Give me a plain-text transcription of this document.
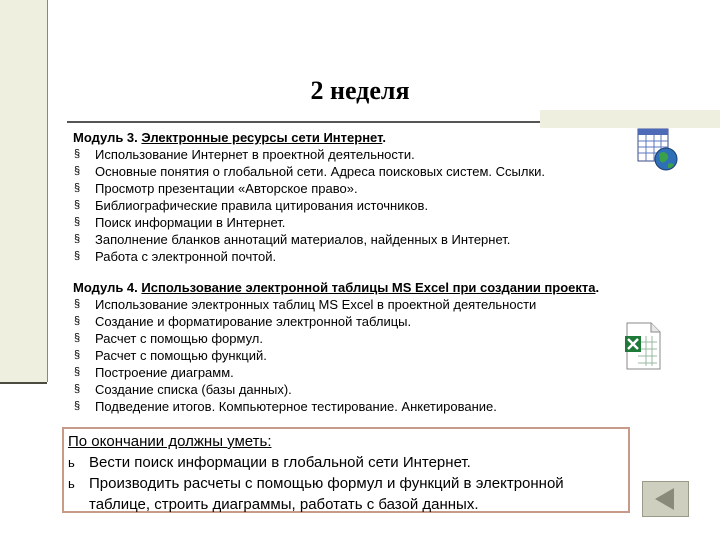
2 неделя
Модуль 3. Электронные ресурсы сети Интернет.
§ Использование Интернет в проектной деятельности.
§ Основные понятия о глобальной сети. Адреса поисковых систем. Ссылки.
§ Просмотр презентации «Авторское право».
§ Библиографические правила цитирования источников.
§ Поиск информации в Интернет.
§ Заполнение бланков аннотаций материалов, найденных в Интернет.
§ Работа с электронной почтой.
Модуль 4. Использование электронной таблицы MS Excel при создании проекта.
§ Использование электронных таблиц MS Excel в проектной деятельности
§ Создание и форматирование электронной таблицы.
§ Расчет с помощью формул.
§ Расчет с помощью функций.
§ Построение диаграмм.
§ Создание списка (базы данных).
§ Подведение итогов. Компьютерное тестирование. Анкетирование.
По окончании должны уметь:
ь Вести поиск информации в глобальной сети Интернет.
ь Производить расчеты с помощью формул и функций в электронной таблице, строить диаграммы, работать с базой данных.
